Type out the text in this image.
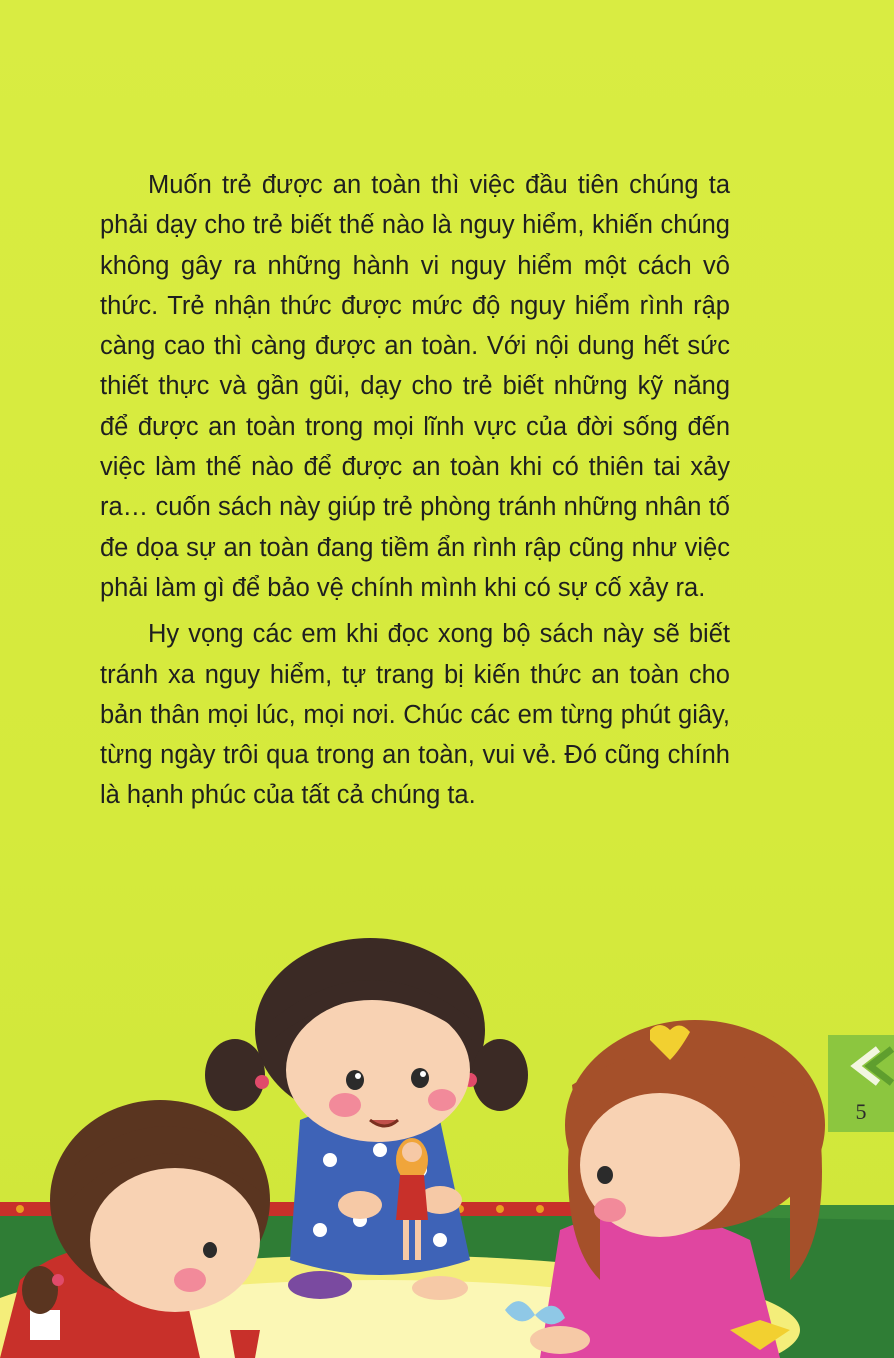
Muốn trẻ được an toàn thì việc đầu tiên chúng ta phải dạy cho trẻ biết thế nào là nguy hiểm, khiến chúng không gây ra những hành vi nguy hiểm một cách vô thức. Trẻ nhận thức được mức độ nguy hiểm rình rập càng cao thì càng được an toàn. Với nội dung hết sức thiết thực và gần gũi, dạy cho trẻ biết những kỹ năng để được an toàn trong mọi lĩnh vực của đời sống đến việc làm thế nào để được an toàn khi có thiên tai xảy ra… cuốn sách này giúp trẻ phòng tránh những nhân tố đe dọa sự an toàn đang tiềm ẩn rình rập cũng như việc phải làm gì để bảo vệ chính mình khi có sự cố xảy ra.

Hy vọng các em khi đọc xong bộ sách này sẽ biết tránh xa nguy hiểm, tự trang bị kiến thức an toàn cho bản thân mọi lúc, mọi nơi. Chúc các em từng phút giây, từng ngày trôi qua trong an toàn, vui vẻ. Đó cũng chính là hạnh phúc của tất cả chúng ta.

5
